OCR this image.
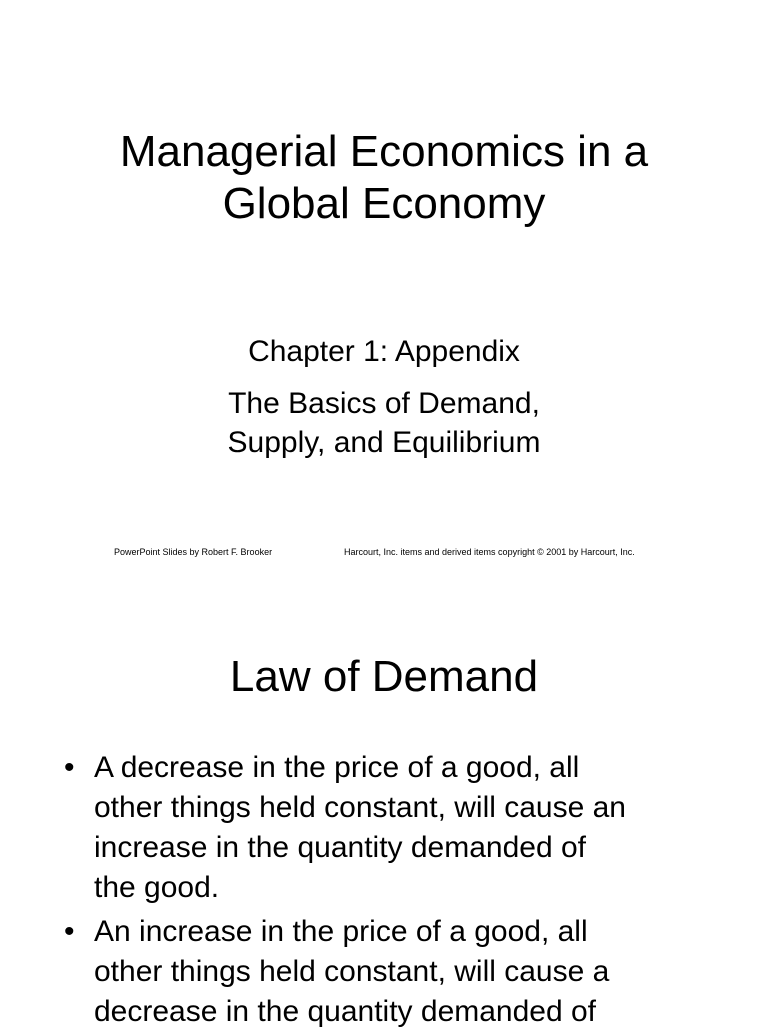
Managerial Economics in a
Global Economy
Chapter 1: Appendix
The Basics of Demand,
Supply, and Equilibrium
PowerPoint Slides by Robert F. Brooker	Harcourt, Inc. items and derived items copyright © 2001 by Harcourt, Inc.
Law of Demand
• A decrease in the price of a good, all
other things held constant, will cause an
increase in the quantity demanded of
the good.
• An increase in the price of a good, all
other things held constant, will cause a
decrease in the quantity demanded of
